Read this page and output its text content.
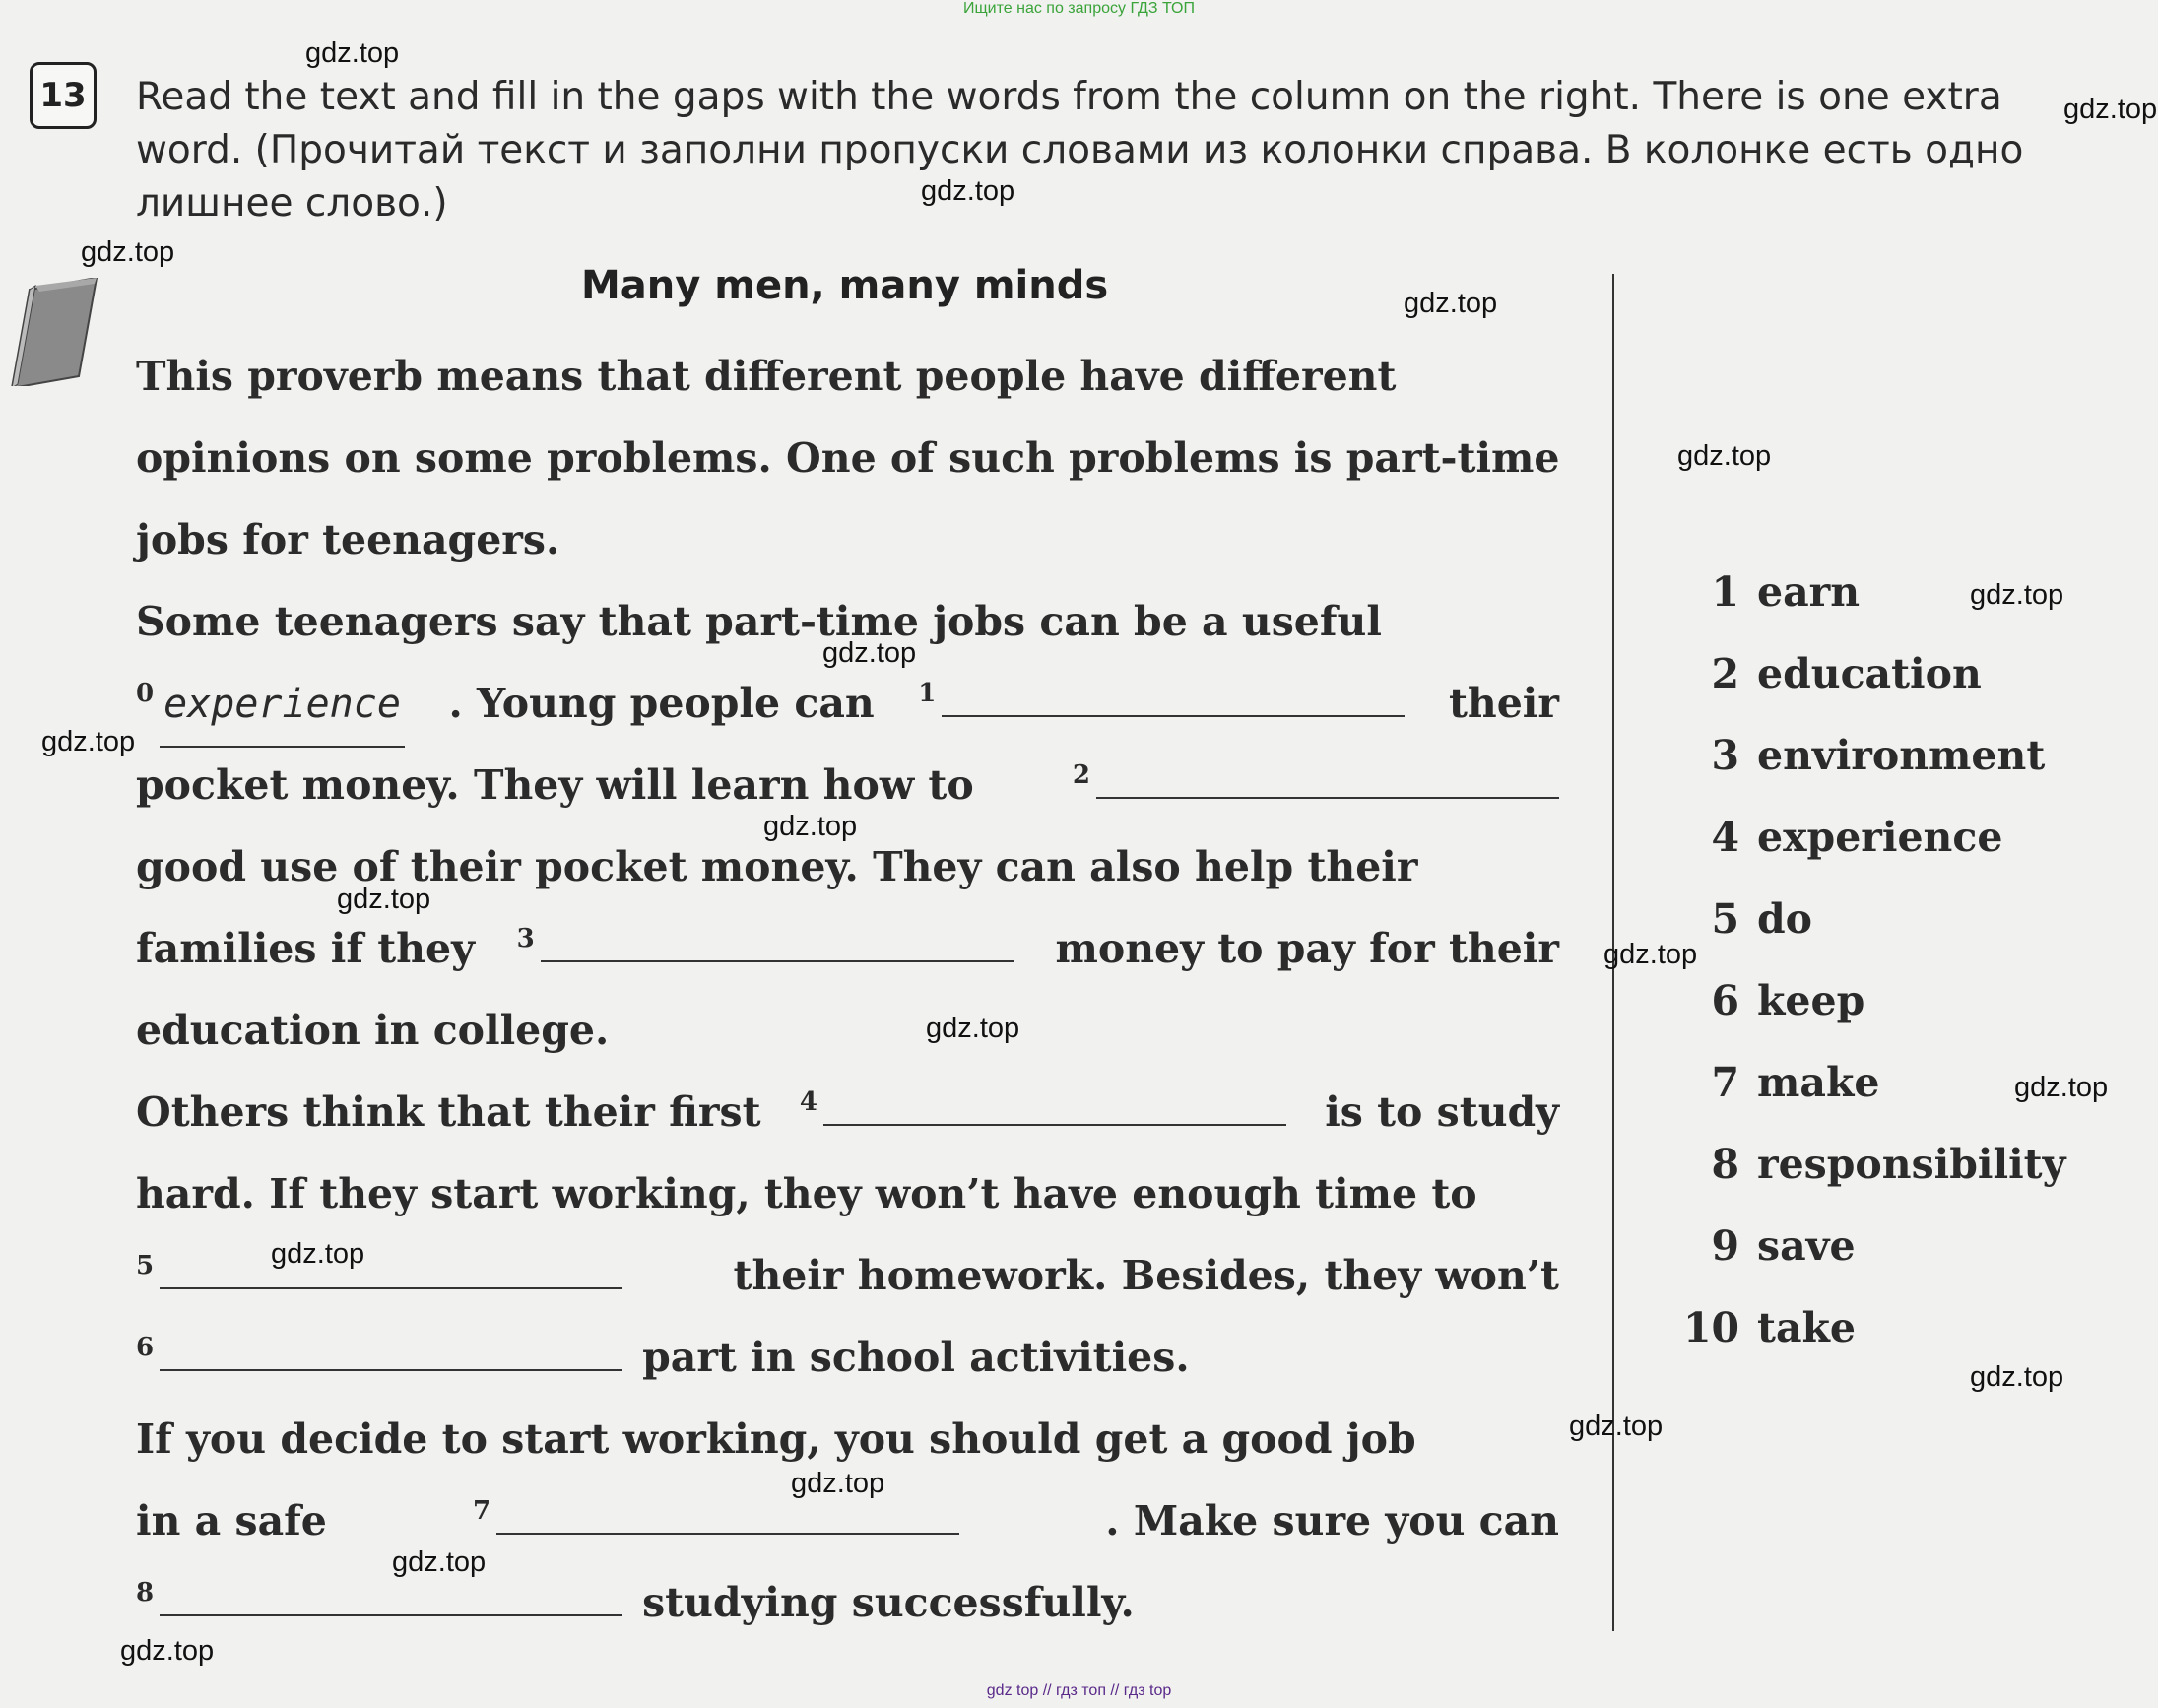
Ищите нас по запросу ГДЗ ТОП
13 Read the text and fill in the gaps with the words from the column on the right. There is one extra word. (Прочитай текст и заполни пропуски словами из колонки справа. В колонке есть одно лишнее слово.)
Many men, many minds
This proverb means that different people have different
opinions on some problems. One of such problems is part-time
jobs for teenagers.
Some teenagers say that part-time jobs can be a useful
$^0$ experience . Young people can $^1$	their
pocket money. They will learn how to	$^2$
good use of their pocket money. They can also help their
families if they $^3$	money to pay for their
education in college.
Others think that their first $^4$	is to study
hard. If they start working, they won’t have enough time to
$^5$	their homework. Besides, they won’t
$^6$	part in school activities.
If you decide to start working, you should get a good job
in a safe	$^7$	. Make sure you can
$^8$	studying successfully.
1 earn
2 education
3 environment
4 experience
5 do
6 keep
7 make
8 responsibility
9 save
10 take
gdz.top
gdz.top
gdz.top
gdz.top
gdz.top
gdz.top
gdz.top
gdz.top
gdz.top
gdz.top
gdz.top
gdz.top
gdz.top
gdz.top
gdz.top
gdz.top
gdz.top
gdz.top
gdz.top
gdz.top
gdz top // гдз топ // гдз top
